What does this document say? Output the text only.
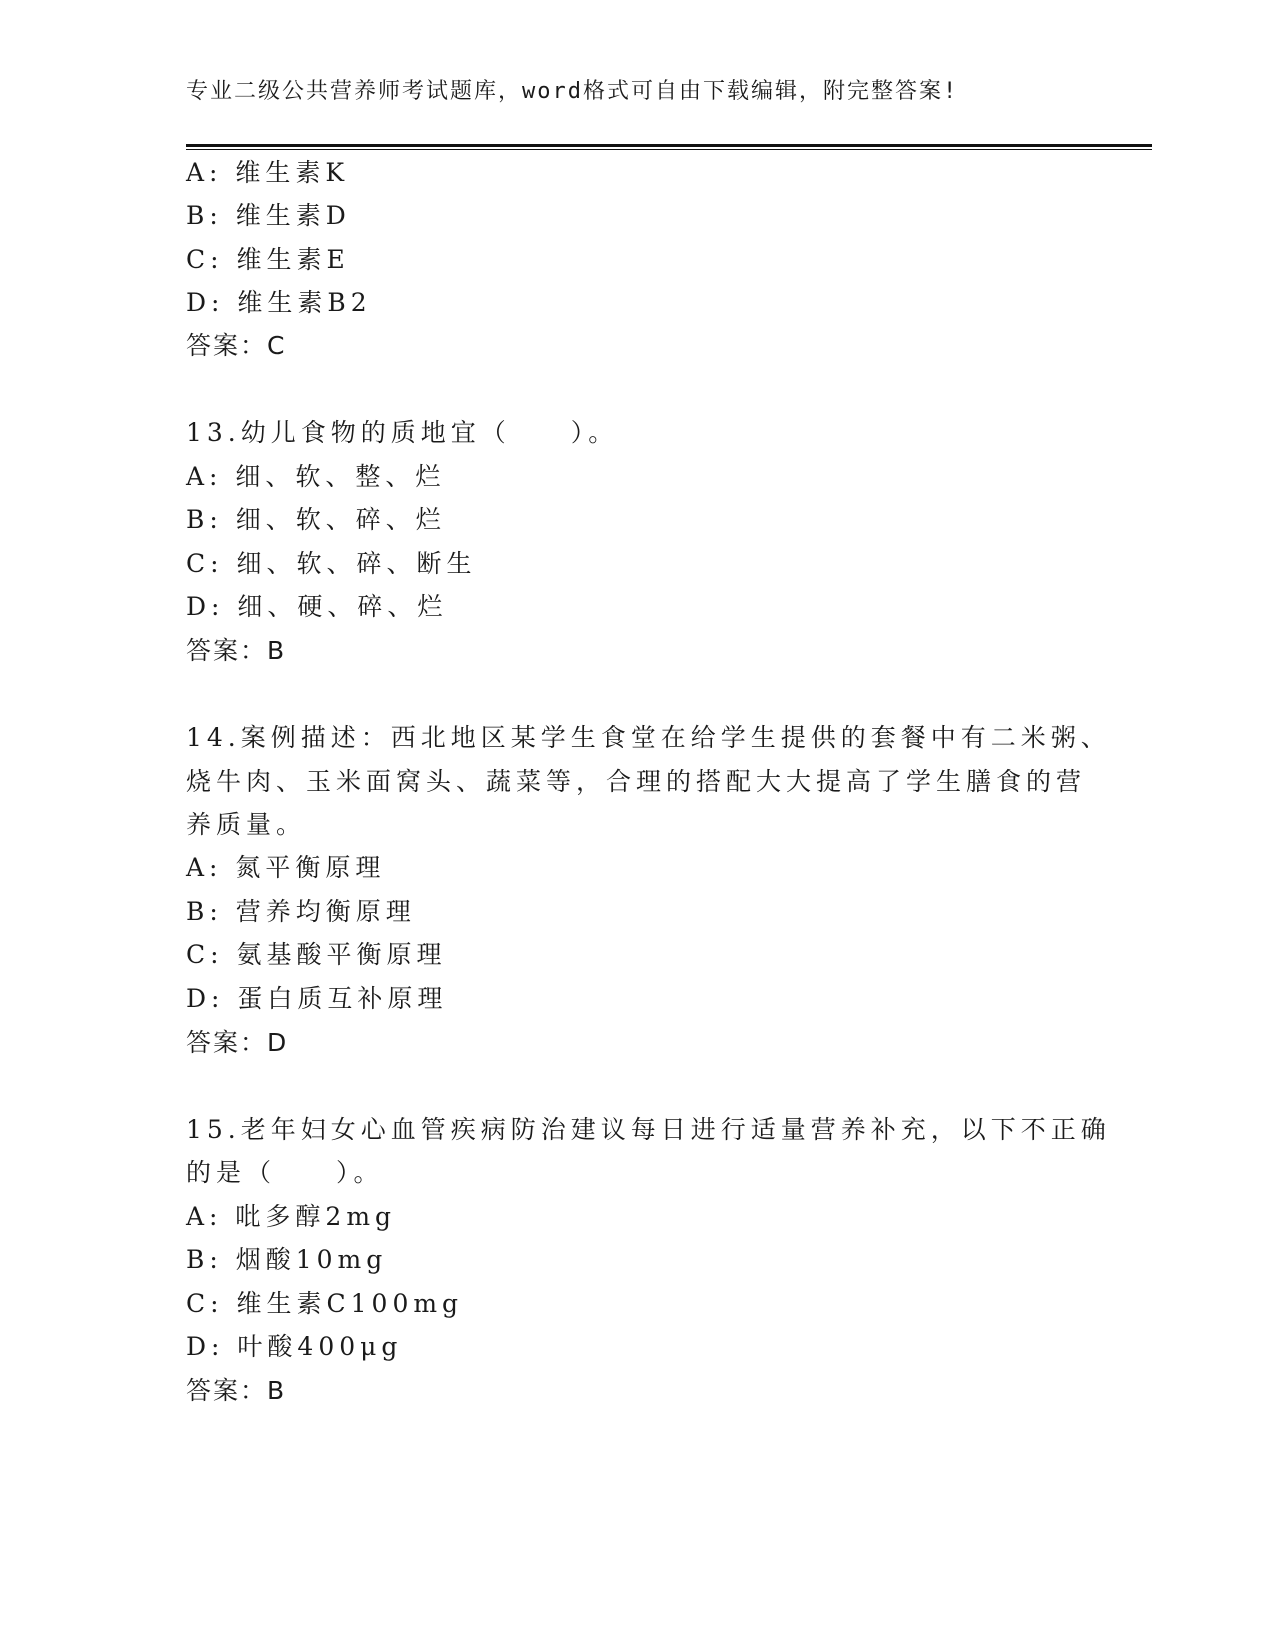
专业二级公共营养师考试题库，word格式可自由下载编辑，附完整答案!
A: 维生素K
B: 维生素D
C: 维生素E
D: 维生素B2
答案：C
13.幼儿食物的质地宜（　　）。
A: 细、软、整、烂
B: 细、软、碎、烂
C: 细、软、碎、断生
D: 细、硬、碎、烂
答案：B
14.案例描述：西北地区某学生食堂在给学生提供的套餐中有二米粥、
烧牛肉、玉米面窝头、蔬菜等，合理的搭配大大提高了学生膳食的营
养质量。
A: 氮平衡原理
B: 营养均衡原理
C: 氨基酸平衡原理
D: 蛋白质互补原理
答案：D
15.老年妇女心血管疾病防治建议每日进行适量营养补充，以下不正确
的是（　　）。
A: 吡多醇2mg
B: 烟酸10mg
C: 维生素C100mg
D: 叶酸400μg
答案：B
